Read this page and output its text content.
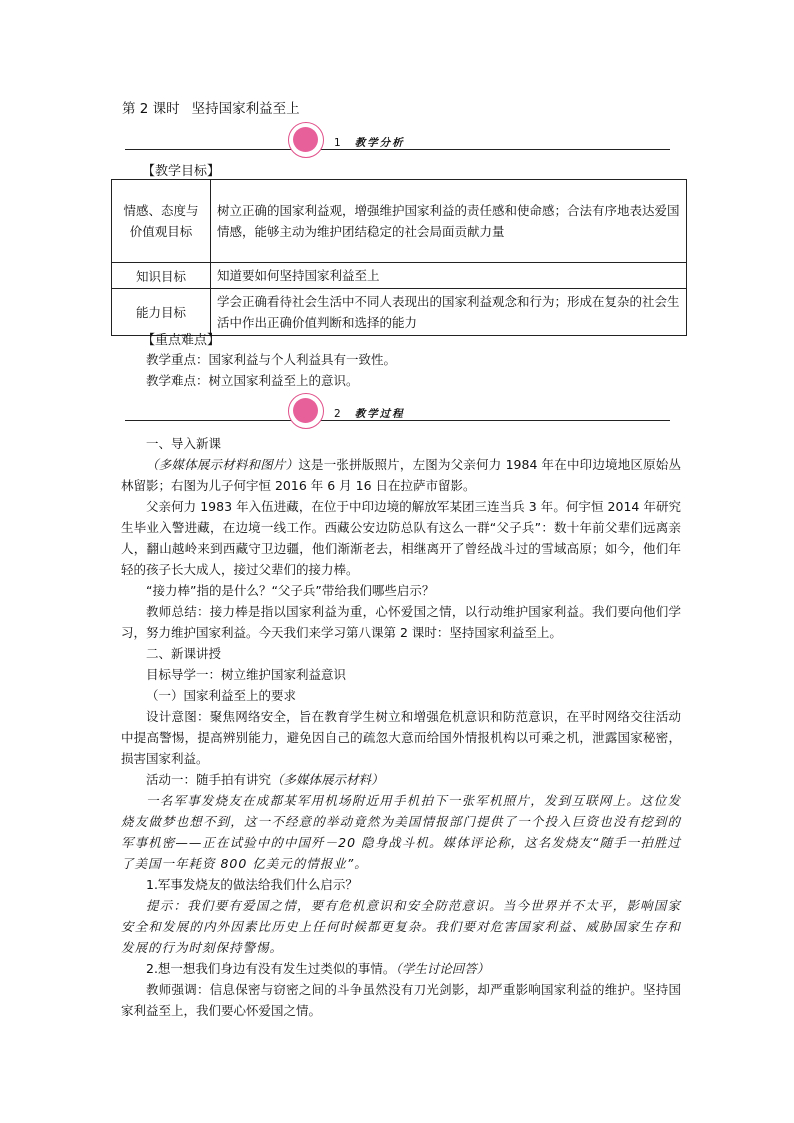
第 2 课时 坚持国家利益至上
1 教学分析
【教学目标】
情感、态度与价值观目标	树立正确的国家利益观，增强维护国家利益的责任感和使命感；合法有序地表达爱国情感，能够主动为维护团结稳定的社会局面贡献力量
知识目标	知道要如何坚持国家利益至上
能力目标	学会正确看待社会生活中不同人表现出的国家利益观念和行为；形成在复杂的社会生活中作出正确价值判断和选择的能力
【重点难点】
教学重点：国家利益与个人利益具有一致性。
教学难点：树立国家利益至上的意识。
2 教学过程
一、导入新课
（多媒体展示材料和图片）这是一张拼版照片，左图为父亲何力 1984 年在中印边境地区原始丛林留影；右图为儿子何宇恒 2016 年 6 月 16 日在拉萨市留影。
父亲何力 1983 年入伍进藏，在位于中印边境的解放军某团三连当兵 3 年。何宇恒 2014 年研究生毕业入警进藏，在边境一线工作。西藏公安边防总队有这么一群“父子兵”：数十年前父辈们远离亲人，翻山越岭来到西藏守卫边疆，他们渐渐老去，相继离开了曾经战斗过的雪域高原；如今，他们年轻的孩子长大成人，接过父辈们的接力棒。
“接力棒”指的是什么？“父子兵”带给我们哪些启示？
教师总结：接力棒是指以国家利益为重，心怀爱国之情，以行动维护国家利益。我们要向他们学习，努力维护国家利益。今天我们来学习第八课第 2 课时：坚持国家利益至上。
二、新课讲授
目标导学一：树立维护国家利益意识
（一）国家利益至上的要求
设计意图：聚焦网络安全，旨在教育学生树立和增强危机意识和防范意识，在平时网络交往活动中提高警惕，提高辨别能力，避免因自己的疏忽大意而给国外情报机构以可乘之机，泄露国家秘密，损害国家利益。
活动一：随手拍有讲究（多媒体展示材料）
一名军事发烧友在成都某军用机场附近用手机拍下一张军机照片，发到互联网上。这位发烧友做梦也想不到，这一不经意的举动竟然为美国情报部门提供了一个投入巨资也没有挖到的军事机密——正在试验中的中国歼－20 隐身战斗机。媒体评论称，这名发烧友“随手一拍胜过了美国一年耗资 800 亿美元的情报业”。
1.军事发烧友的做法给我们什么启示？
提示：我们要有爱国之情，要有危机意识和安全防范意识。当今世界并不太平，影响国家安全和发展的内外因素比历史上任何时候都更复杂。我们要对危害国家利益、威胁国家生存和发展的行为时刻保持警惕。
2.想一想我们身边有没有发生过类似的事情。（学生讨论回答）
教师强调：信息保密与窃密之间的斗争虽然没有刀光剑影，却严重影响国家利益的维护。坚持国家利益至上，我们要心怀爱国之情。
